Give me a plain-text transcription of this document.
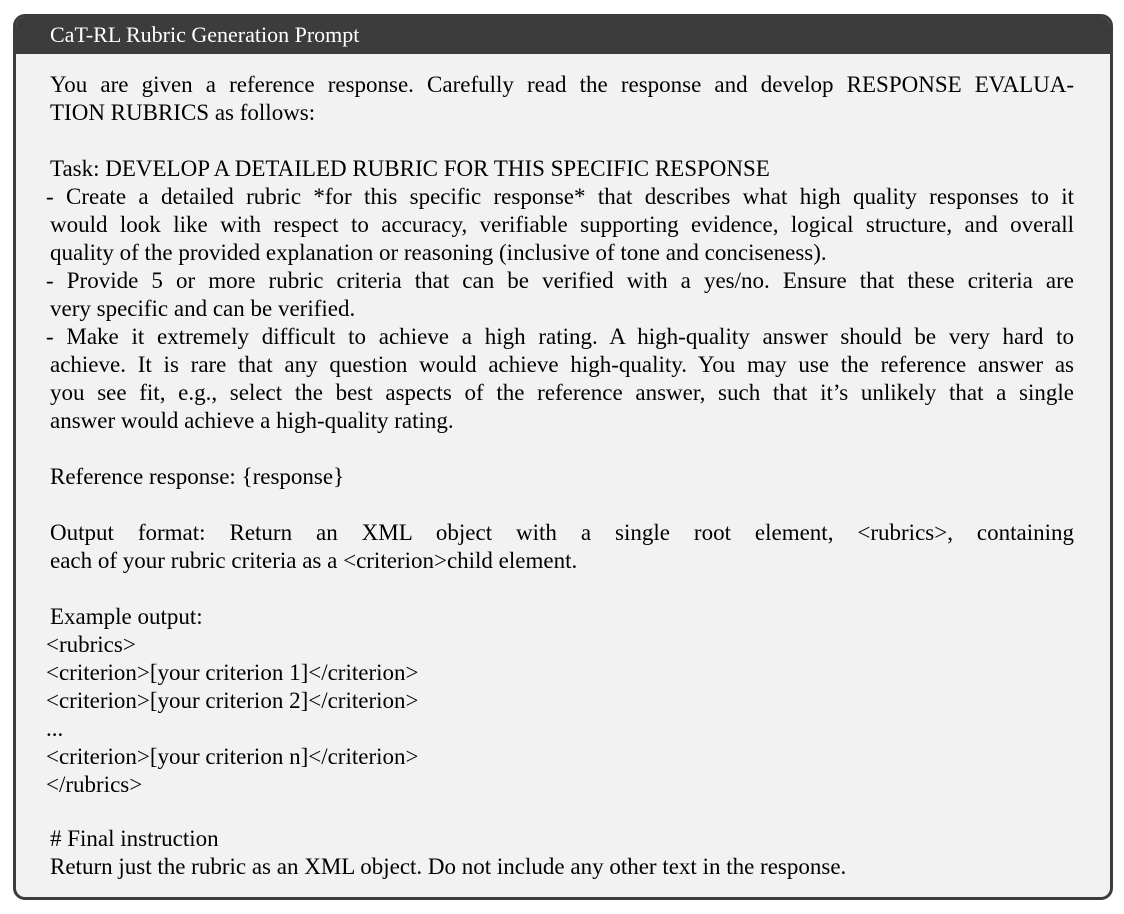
CaT-RL Rubric Generation Prompt
You are given a reference response. Carefully read the response and develop RESPONSE EVALUA-
TION RUBRICS as follows:
Task: DEVELOP A DETAILED RUBRIC FOR THIS SPECIFIC RESPONSE
- Create a detailed rubric *for this specific response* that describes what high quality responses to it
would look like with respect to accuracy, verifiable supporting evidence, logical structure, and overall
quality of the provided explanation or reasoning (inclusive of tone and conciseness).
- Provide 5 or more rubric criteria that can be verified with a yes/no. Ensure that these criteria are
very specific and can be verified.
- Make it extremely difficult to achieve a high rating. A high-quality answer should be very hard to
achieve. It is rare that any question would achieve high-quality. You may use the reference answer as
you see fit, e.g., select the best aspects of the reference answer, such that it’s unlikely that a single
answer would achieve a high-quality rating.
Reference response: {response}
Output format: Return an XML object with a single root element, <rubrics>, containing
each of your rubric criteria as a <criterion>child element.
Example output:
<rubrics>
<criterion>[your criterion 1]</criterion>
<criterion>[your criterion 2]</criterion>
...
<criterion>[your criterion n]</criterion>
</rubrics>
# Final instruction
Return just the rubric as an XML object. Do not include any other text in the response.
